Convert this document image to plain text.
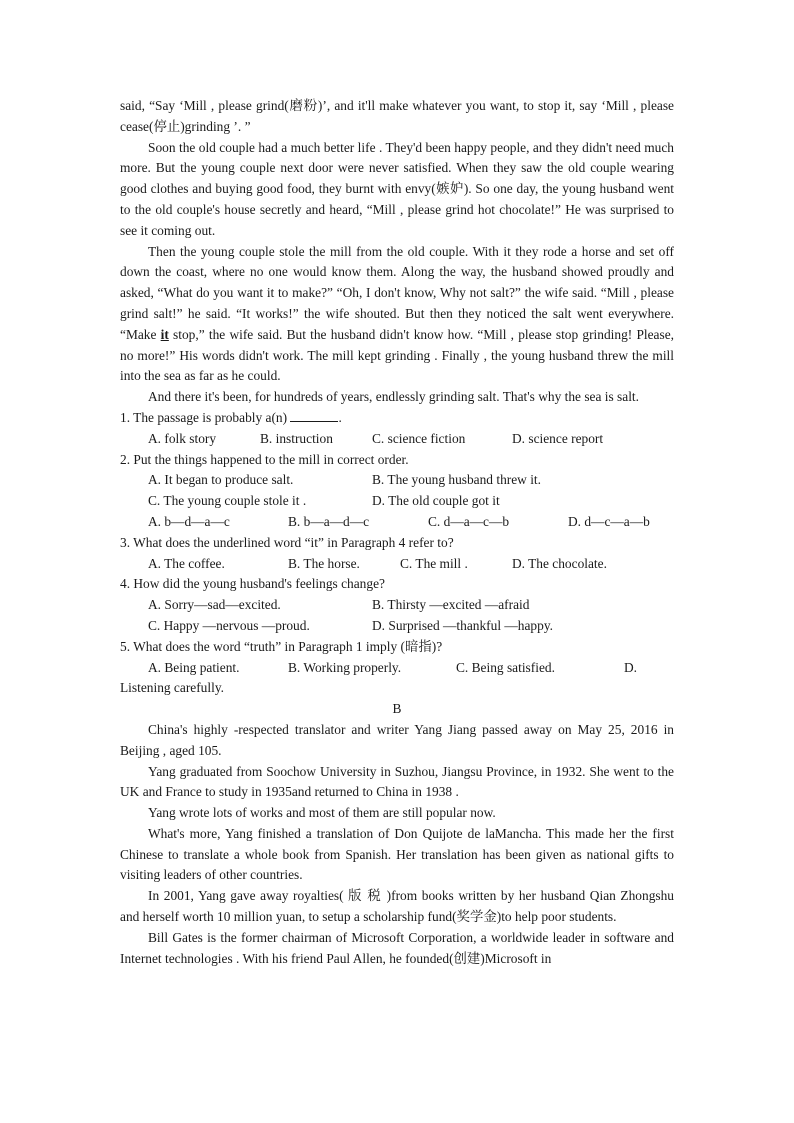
said, “Say ‘Mill , please grind(磨粉)’, and it'll make whatever you want, to stop it, say ‘Mill , please cease(停止)grinding ’. ”

Soon the old couple had a much better life . They'd been happy people, and they didn't need much more. But the young couple next door were never satisfied. When they saw the old couple wearing good clothes and buying good food, they burnt with envy(嫉妒). So one day, the young husband went to the old couple's house secretly and heard, “Mill , please grind hot chocolate!” He was surprised to see it coming out.

Then the young couple stole the mill from the old couple. With it they rode a horse and set off down the coast, where no one would know them. Along the way, the husband showed proudly and asked, “What do you want it to make?” “Oh, I don't know, Why not salt?” the wife said. “Mill , please grind salt!” he said. “It works!” the wife shouted. But then they noticed the salt went everywhere. “Make it stop,” the wife said. But the husband didn't know how. “Mill , please stop grinding! Please, no more!” His words didn't work. The mill kept grinding . Finally , the young husband threw the mill into the sea as far as he could.

And there it's been, for hundreds of years, endlessly grinding salt. That's why the sea is salt.

1. The passage is probably a(n)	.

A. folk story	B. instruction	C. science fiction	D. science report

2. Put the things happened to the mill in correct order.

A. It began to produce salt.	B. The young husband threw it.
C. The young couple stole it .	D. The old couple got it
A. b—d—a—c	B. b—a—d—c	C. d—a—c—b	D. d—c—a—b

3. What does the underlined word “it” in Paragraph 4 refer to?

A. The coffee.	B. The horse.	C. The mill .	D. The chocolate.

4. How did the young husband's feelings change?

A. Sorry—sad—excited.	B. Thirsty —excited —afraid
C. Happy —nervous —proud.	D. Surprised —thankful —happy.

5. What does the word “truth” in Paragraph 1 imply (暗指)?

A. Being patient.	B. Working properly.	C. Being satisfied.	D.

Listening carefully.

B

China's highly -respected translator and writer Yang Jiang passed away on May 25, 2016 in Beijing , aged 105.

Yang graduated from Soochow University in Suzhou, Jiangsu Province, in 1932. She went to the UK and France to study in 1935and returned to China in 1938 .

Yang wrote lots of works and most of them are still popular now.

What's more, Yang finished a translation of Don Quijote de laMancha. This made her the first Chinese to translate a whole book from Spanish. Her translation has been given as national gifts to visiting leaders of other countries.

In 2001, Yang gave away royalties( 版 税 )from books written by her husband Qian Zhongshu and herself worth 10 million yuan, to setup a scholarship fund(奖学金)to help poor students.

Bill Gates is the former chairman of Microsoft Corporation, a worldwide leader in software and Internet technologies . With his friend Paul Allen, he founded(创建)Microsoft in
